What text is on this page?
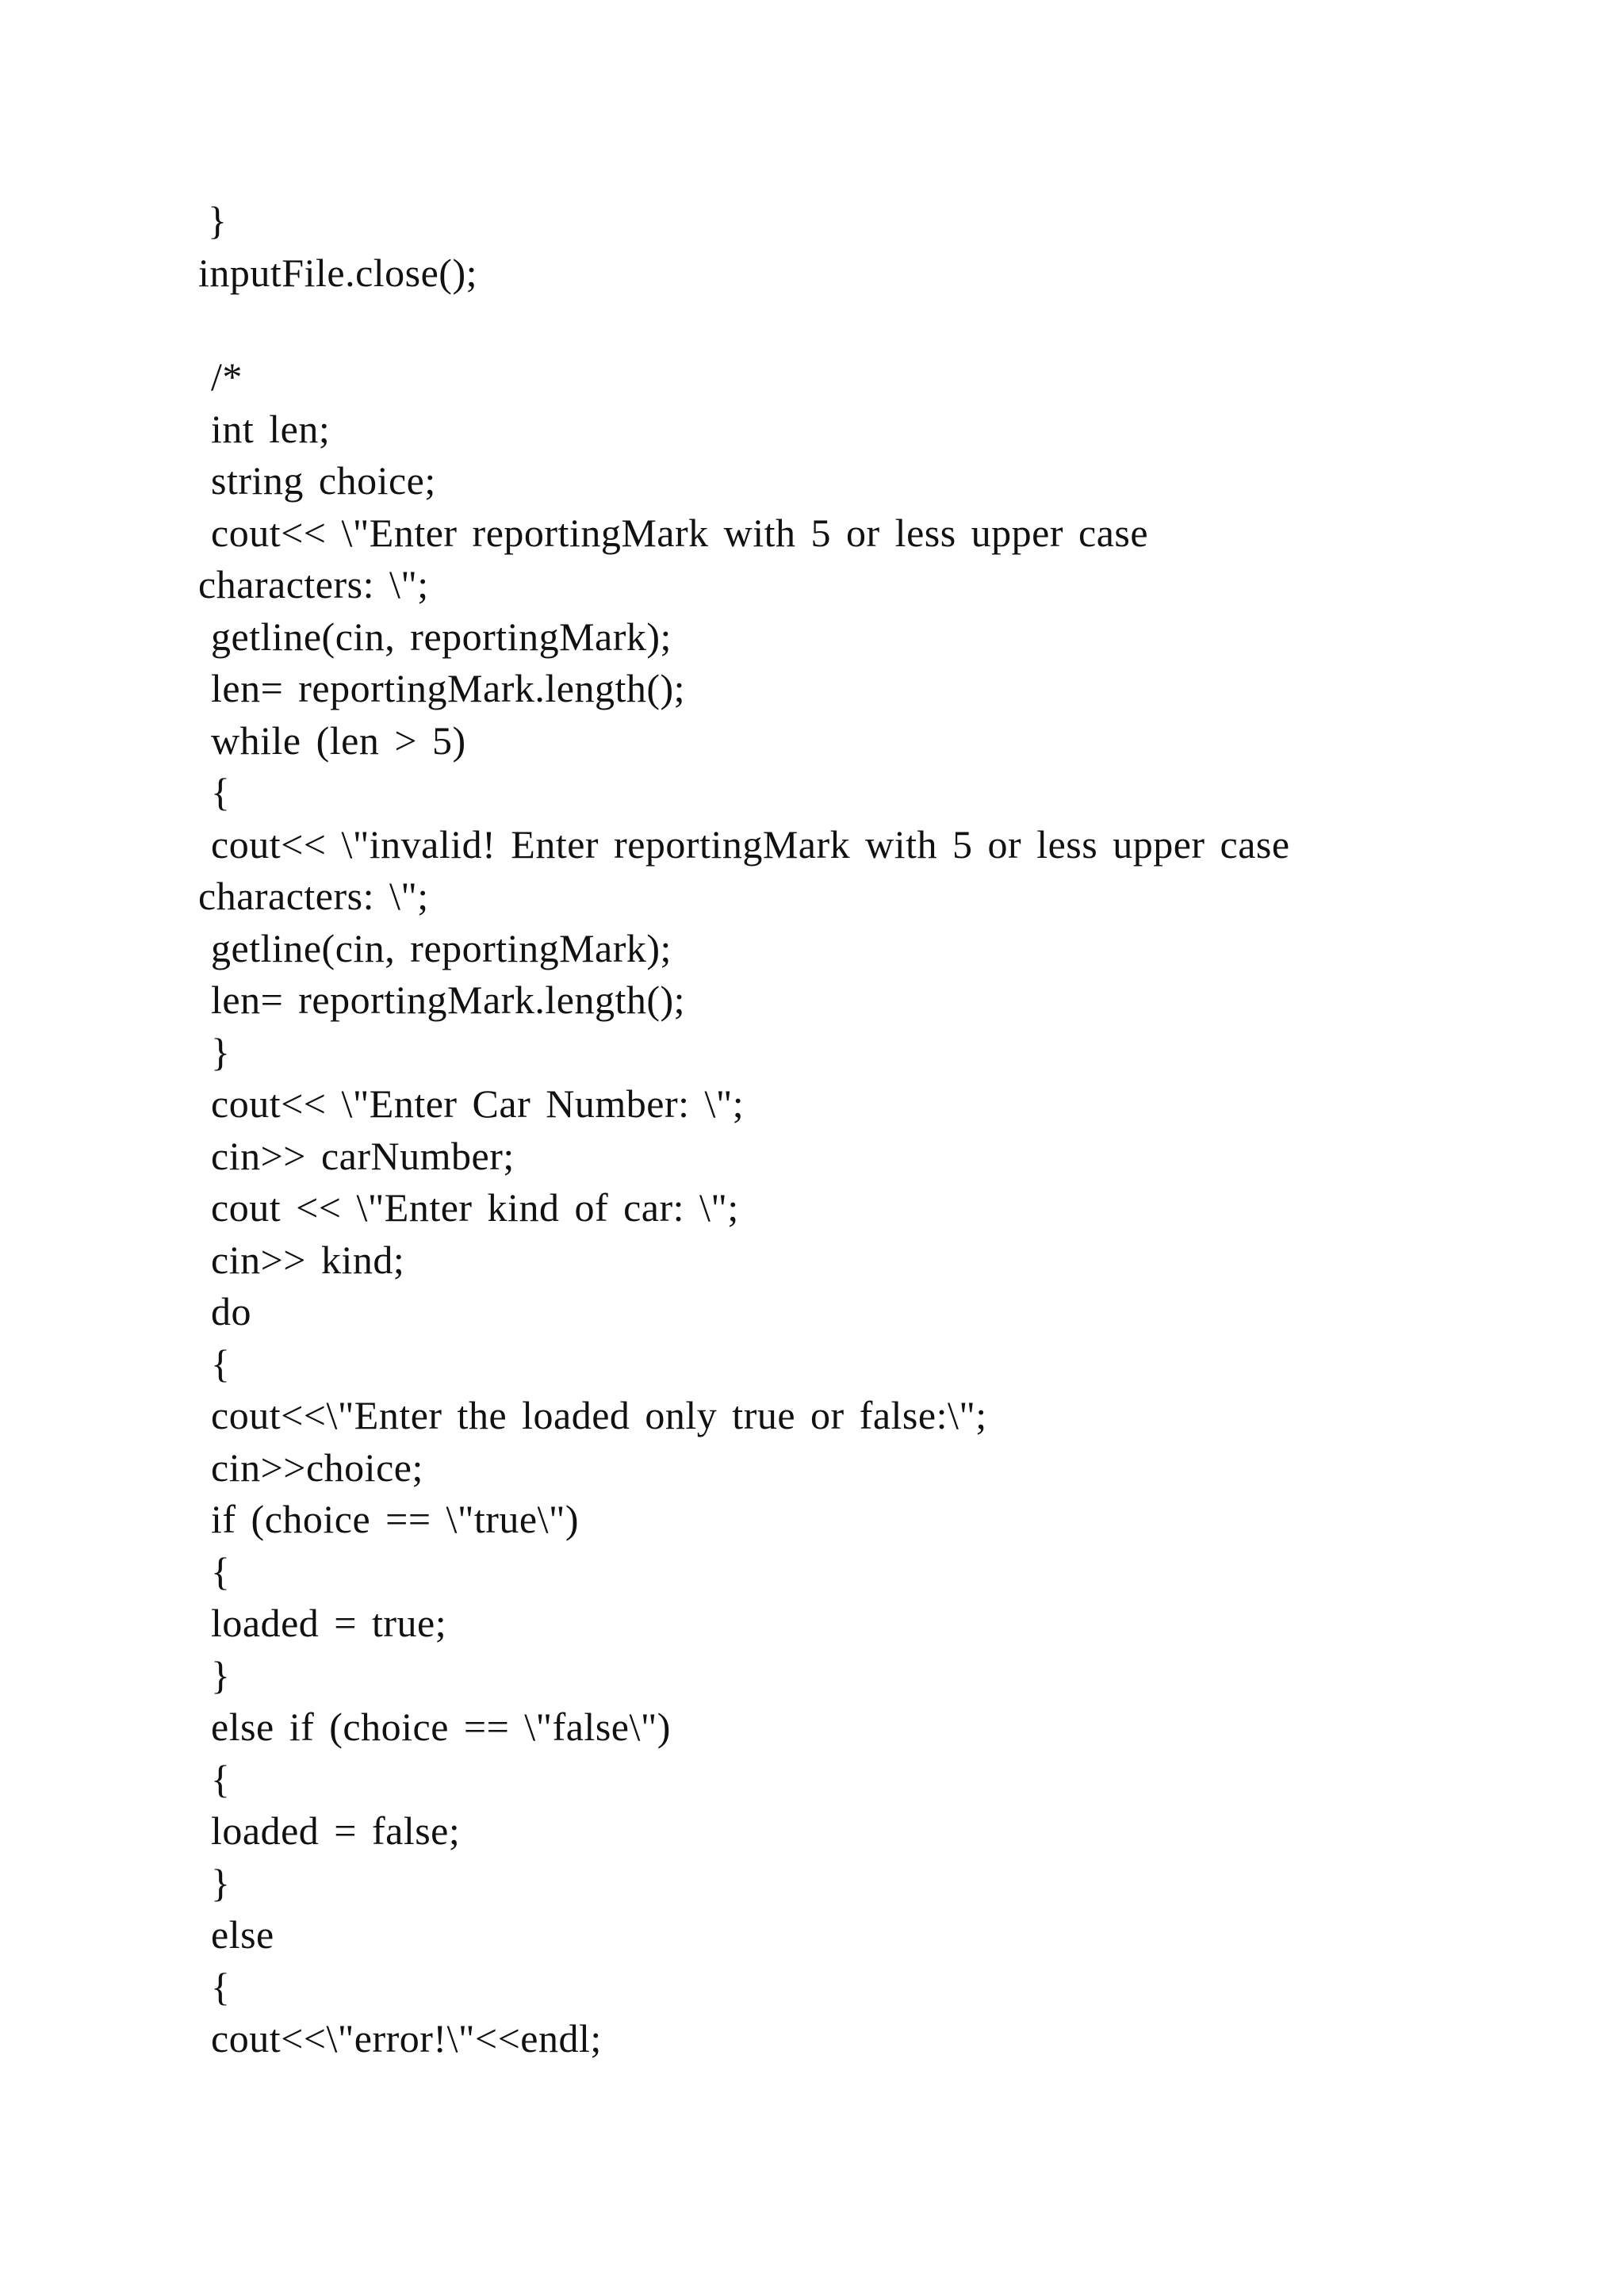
}
inputFile.close();
/*
int len;
string choice;
cout<< \"Enter reportingMark with 5 or less upper case
characters: \";
getline(cin, reportingMark);
len= reportingMark.length();
while (len > 5)
{
cout<< \"invalid! Enter reportingMark with 5 or less upper case
characters: \";
getline(cin, reportingMark);
len= reportingMark.length();
}
cout<< \"Enter Car Number: \";
cin>> carNumber;
cout << \"Enter kind of car: \";
cin>> kind;
do
{
cout<<\"Enter the loaded only true or false:\";
cin>>choice;
if (choice == \"true\")
{
loaded = true;
}
else if (choice == \"false\")
{
loaded = false;
}
else
{
cout<<\"error!\"<<endl;
